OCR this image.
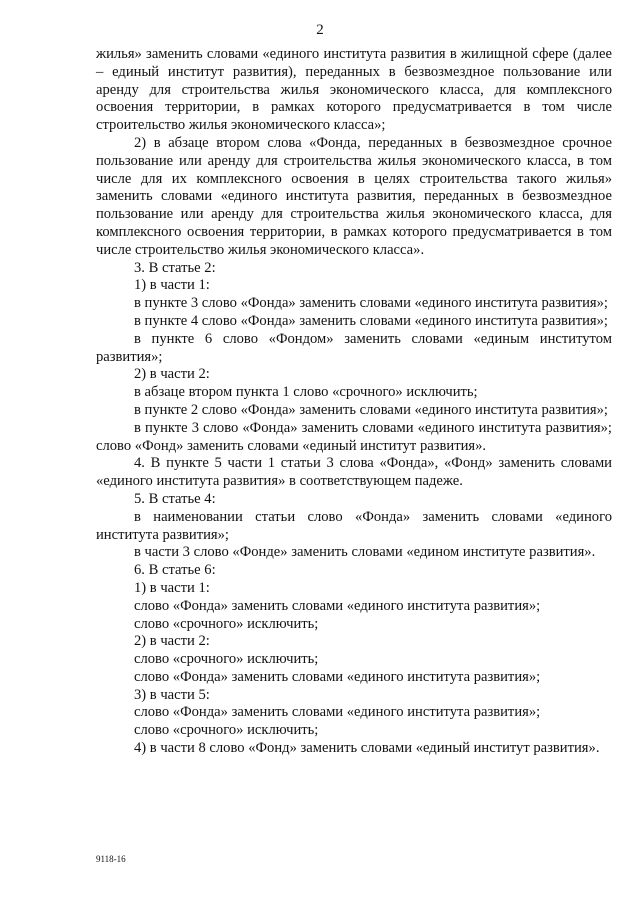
2

жилья» заменить словами «единого института развития в жилищной сфере (далее – единый институт развития), переданных в безвозмездное пользование или аренду для строительства жилья экономического класса, для комплексного освоения территории, в рамках которого предусматривается в том числе строительство жилья экономического класса»;

2) в абзаце втором слова «Фонда, переданных в безвозмездное срочное пользование или аренду для строительства жилья экономического класса, в том числе для их комплексного освоения в целях строительства такого жилья» заменить словами «единого института развития, переданных в безвозмездное пользование или аренду для строительства жилья экономического класса, для комплексного освоения территории, в рамках которого предусматривается в том числе строительство жилья экономического класса».

3. В статье 2:

1) в части 1:

в пункте 3 слово «Фонда» заменить словами «единого института развития»;

в пункте 4 слово «Фонда» заменить словами «единого института развития»;

в пункте 6 слово «Фондом» заменить словами «единым институтом развития»;

2) в части 2:

в абзаце втором пункта 1 слово «срочного» исключить;

в пункте 2 слово «Фонда» заменить словами «единого института развития»;

в пункте 3 слово «Фонда» заменить словами «единого института развития»; слово «Фонд» заменить словами «единый институт развития».

4. В пункте 5 части 1 статьи 3 слова «Фонда», «Фонд» заменить словами «единого института развития» в соответствующем падеже.

5. В статье 4:

в наименовании статьи слово «Фонда» заменить словами «единого института развития»;

в части 3 слово «Фонде» заменить словами «едином институте развития».

6. В статье 6:

1) в части 1:

слово «Фонда» заменить словами «единого института развития»;

слово «срочного» исключить;

2) в части 2:

слово «срочного» исключить;

слово «Фонда» заменить словами «единого института развития»;

3) в части 5:

слово «Фонда» заменить словами «единого института развития»;

слово «срочного» исключить;

4) в части 8 слово «Фонд» заменить словами «единый институт развития».

9118-16
